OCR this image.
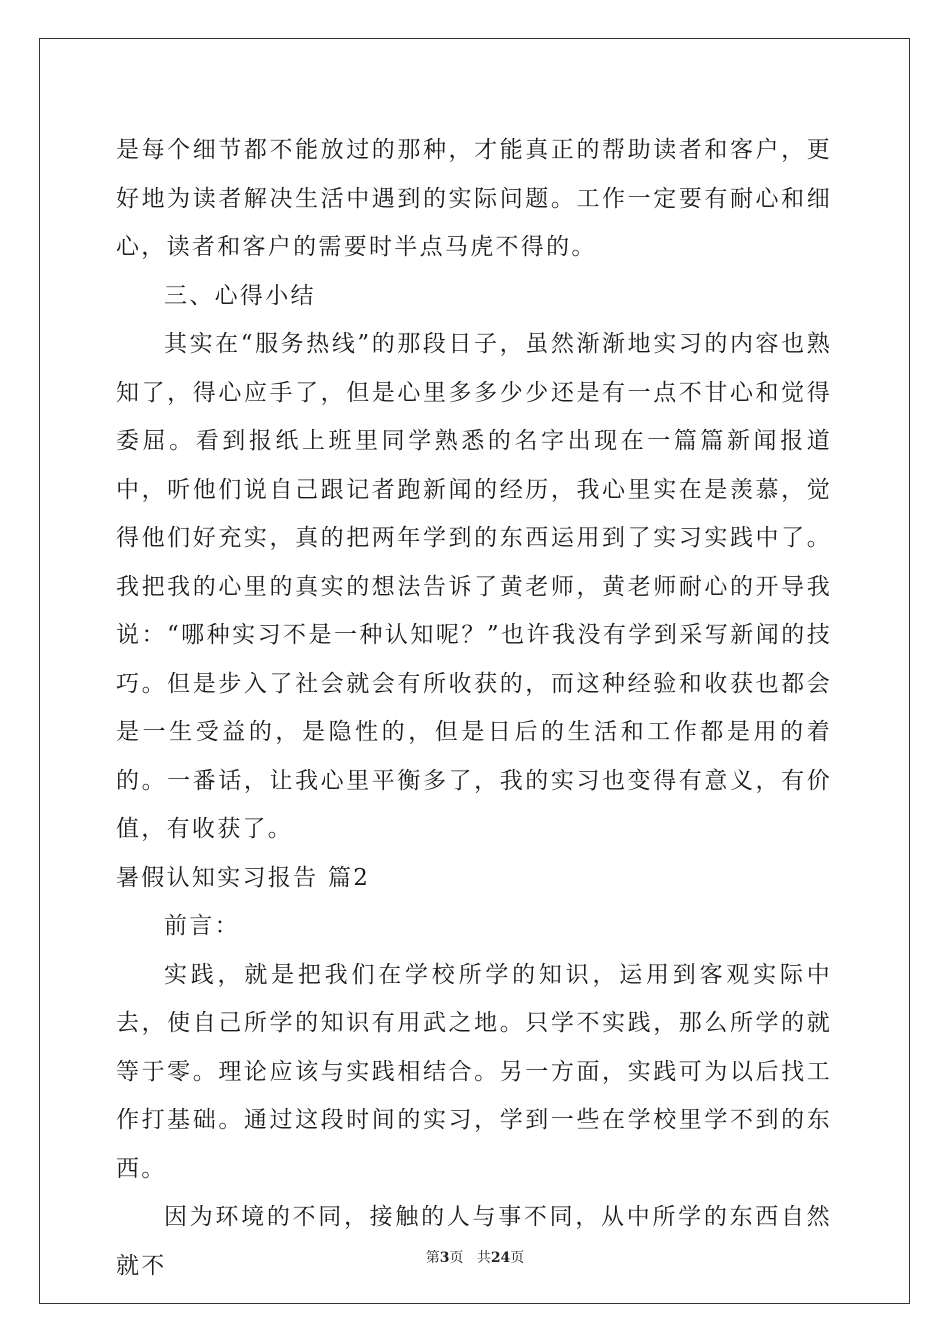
是每个细节都不能放过的那种，才能真正的帮助读者和客户，更好地为读者解决生活中遇到的实际问题。工作一定要有耐心和细心，读者和客户的需要时半点马虎不得的。

三、心得小结

其实在“服务热线”的那段日子，虽然渐渐地实习的内容也熟知了，得心应手了，但是心里多多少少还是有一点不甘心和觉得委屈。看到报纸上班里同学熟悉的名字出现在一篇篇新闻报道中，听他们说自己跟记者跑新闻的经历，我心里实在是羡慕，觉得他们好充实，真的把两年学到的东西运用到了实习实践中了。我把我的心里的真实的想法告诉了黄老师，黄老师耐心的开导我说：“哪种实习不是一种认知呢？”也许我没有学到采写新闻的技巧。但是步入了社会就会有所收获的，而这种经验和收获也都会是一生受益的，是隐性的，但是日后的生活和工作都是用的着的。一番话，让我心里平衡多了，我的实习也变得有意义，有价值，有收获了。

暑假认知实习报告 篇2

前言：

实践，就是把我们在学校所学的知识，运用到客观实际中去，使自己所学的知识有用武之地。只学不实践，那么所学的就等于零。理论应该与实践相结合。另一方面，实践可为以后找工作打基础。通过这段时间的实习，学到一些在学校里学不到的东西。

因为环境的不同，接触的人与事不同，从中所学的东西自然就不	第3页 共24页
